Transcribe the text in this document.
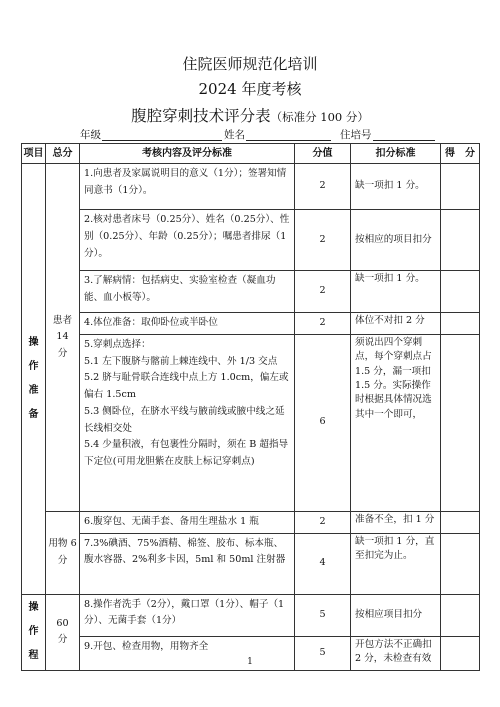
住院医师规范化培训
2024 年度考核
腹腔穿刺技术评分表（标准分 100 分）
年级	姓名	住培号
项目	总分	考核内容及评分标准	分值	扣分标准	得　分
操作准备	患者 14 分	1.向患者及家属说明目的意义（1分）；签署知情同意书（1分）。	2	缺一项扣 1 分。	
		2.核对患者床号（0.25分）、姓名（0.25分）、性别（0.25分）、年龄（0.25分）；嘱患者排尿（1分）。	2	按相应的项目扣分	
		3.了解病情：包括病史、实验室检查（凝血功能、血小板等）。	2	缺一项扣 1 分。	
		4.体位准备：取仰卧位或半卧位	2	体位不对扣 2 分	

		5.穿刺点选择：
5.1 左下腹脐与髂前上棘连线中、外 1/3 交点
5.2 脐与耻骨联合连线中点上方 1.0cm，偏左或偏右 1.5cm
5.3 侧卧位，在脐水平线与腋前线或腋中线之延长线相交处
5.4 少量积液，有包裹性分隔时，须在 B 超指导下定位(可用龙胆紫在皮肤上标记穿刺点)	6	须说出四个穿刺点，每个穿刺点占 1.5 分，漏一项扣 1.5 分。实际操作时根据具体情况选其中一个即可，	
	用物 6 分	6.腹穿包、无菌手套、备用生理盐水 1 瓶	2	准备不全，扣 1 分	
		7.3%碘酒、75%酒精、棉签、胶布、标本瓶、腹水容器、2%利多卡因，5ml 和 50ml 注射器	4	缺一项扣 1 分，直至扣完为止。	
操作程	60 分	8.操作者洗手（2分），戴口罩（1分）、帽子（1分）、无菌手套（1分）	5	按相应项目扣分	
		9.开包、检查用物，用物齐全	5	开包方法不正确扣 2 分，未检查有效	
1
